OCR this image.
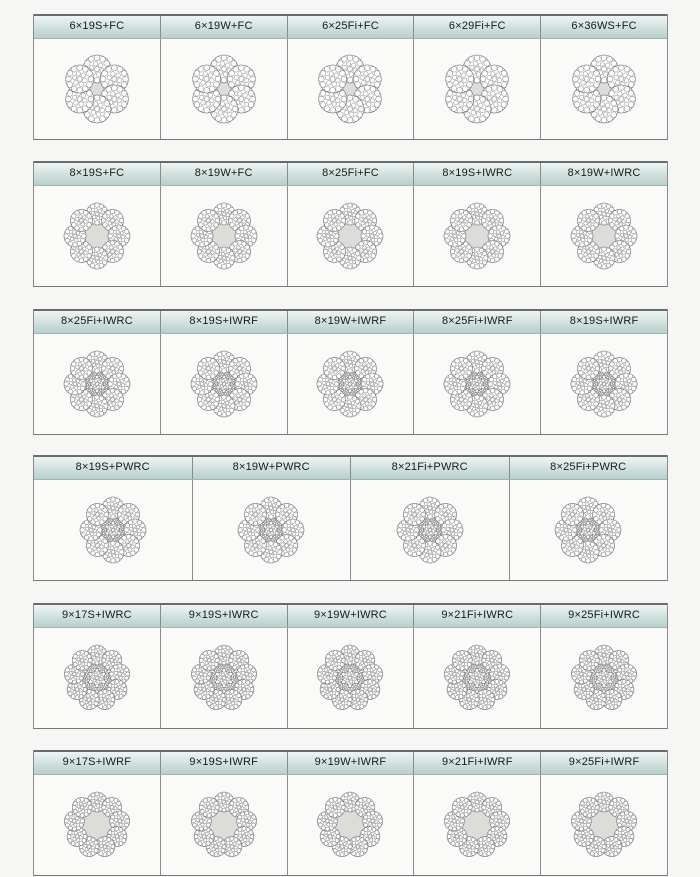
6×19S+FC	6×19W+FC	6×25Fi+FC	6×29Fi+FC	6×36WS+FC
8×19S+FC	8×19W+FC	8×25Fi+FC	8×19S+IWRC	8×19W+IWRC
8×25Fi+IWRC	8×19S+IWRF	8×19W+IWRF	8×25Fi+IWRF	8×19S+IWRF
8×19S+PWRC	8×19W+PWRC	8×21Fi+PWRC	8×25Fi+PWRC
9×17S+IWRC	9×19S+IWRC	9×19W+IWRC	9×21Fi+IWRC	9×25Fi+IWRC
9×17S+IWRF	9×19S+IWRF	9×19W+IWRF	9×21Fi+IWRF	9×25Fi+IWRF
